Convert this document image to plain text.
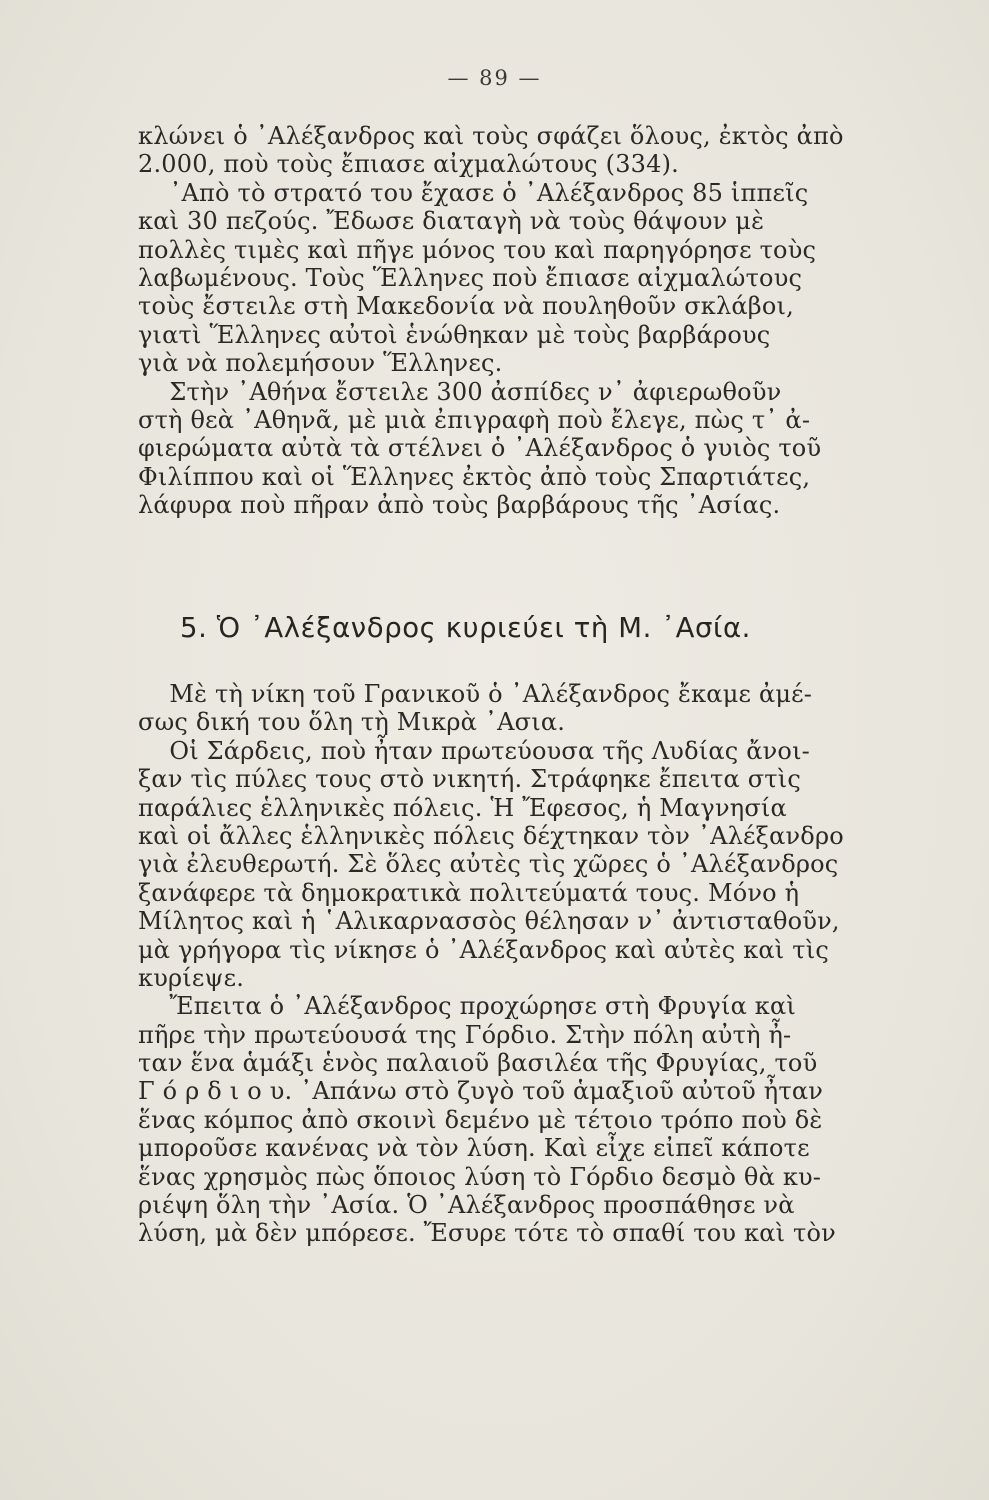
— 89 —
κλώνει ὁ ᾿Αλέξανδρος καὶ τοὺς σφάζει ὅλους, ἐκτὸς ἀπὸ
2.000, ποὺ τοὺς ἔπιασε αἰχμαλώτους (334).
᾿Απὸ τὸ στρατό του ἔχασε ὁ ᾿Αλέξανδρος 85 ἱππεῖς
καὶ 30 πεζούς. Ἔδωσε διαταγὴ νὰ τοὺς θάψουν μὲ
πολλὲς τιμὲς καὶ πῆγε μόνος του καὶ παρηγόρησε τοὺς
λαβωμένους. Τοὺς Ἕλληνες ποὺ ἔπιασε αἰχμαλώτους
τοὺς ἔστειλε στὴ Μακεδονία νὰ πουληθοῦν σκλάβοι,
γιατὶ Ἕλληνες αὐτοὶ ἑνώθηκαν μὲ τοὺς βαρβάρους
γιὰ νὰ πολεμήσουν Ἕλληνες.
Στὴν ᾿Αθήνα ἔστειλε 300 ἀσπίδες ν᾿ ἀφιερωθοῦν
στὴ θεὰ ᾿Αθηνᾶ, μὲ μιὰ ἐπιγραφὴ ποὺ ἔλεγε, πὼς τ᾿ ἀ-
φιερώματα αὐτὰ τὰ στέλνει ὁ ᾿Αλέξανδρος ὁ γυιὸς τοῦ
Φιλίππου καὶ οἱ Ἕλληνες ἐκτὸς ἀπὸ τοὺς Σπαρτιάτες,
λάφυρα ποὺ πῆραν ἀπὸ τοὺς βαρβάρους τῆς ᾿Ασίας.
5. Ὁ ᾿Αλέξανδρος κυριεύει τὴ Μ. ᾿Ασία.
Μὲ τὴ νίκη τοῦ Γρανικοῦ ὁ ᾿Αλέξανδρος ἔκαμε ἀμέ-
σως δική του ὅλη τὴ Μικρὰ ᾿Ασια.
Οἱ Σάρδεις, ποὺ ἦταν πρωτεύουσα τῆς Λυδίας ἄνοι-
ξαν τὶς πύλες τους στὸ νικητή. Στράφηκε ἔπειτα στὶς
παράλιες ἑλληνικὲς πόλεις. Ἡ Ἔφεσος, ἡ Μαγνησία
καὶ οἱ ἄλλες ἑλληνικὲς πόλεις δέχτηκαν τὸν ᾿Αλέξανδρο
γιὰ ἐλευθερωτή. Σὲ ὅλες αὐτὲς τὶς χῶρες ὁ ᾿Αλέξανδρος
ξανάφερε τὰ δημοκρατικὰ πολιτεύματά τους. Μόνο ἡ
Μίλητος καὶ ἡ ῾Αλικαρνασσὸς θέλησαν ν᾿ ἀντισταθοῦν,
μὰ γρήγορα τὶς νίκησε ὁ ᾿Αλέξανδρος καὶ αὐτὲς καὶ τὶς
κυρίεψε.
Ἔπειτα ὁ ᾿Αλέξανδρος προχώρησε στὴ Φρυγία καὶ
πῆρε τὴν πρωτεύουσά της Γόρδιο. Στὴν πόλη αὐτὴ ἦ-
ταν ἕνα ἁμάξι ἑνὸς παλαιοῦ βασιλέα τῆς Φρυγίας, τοῦ
Γ ό ρ δ ι ο υ. ᾿Απάνω στὸ ζυγὸ τοῦ ἁμαξιοῦ αὐτοῦ ἦταν
ἕνας κόμπος ἀπὸ σκοινὶ δεμένο μὲ τέτοιο τρόπο ποὺ δὲ
μποροῦσε κανένας νὰ τὸν λύση. Καὶ εἶχε εἰπεῖ κάποτε
ἕνας χρησμὸς πὼς ὅποιος λύση τὸ Γόρδιο δεσμὸ θὰ κυ-
ριέψη ὅλη τὴν ᾿Ασία. Ὁ ᾿Αλέξανδρος προσπάθησε νὰ
λύση, μὰ δὲν μπόρεσε. Ἔσυρε τότε τὸ σπαθί του καὶ τὸν
